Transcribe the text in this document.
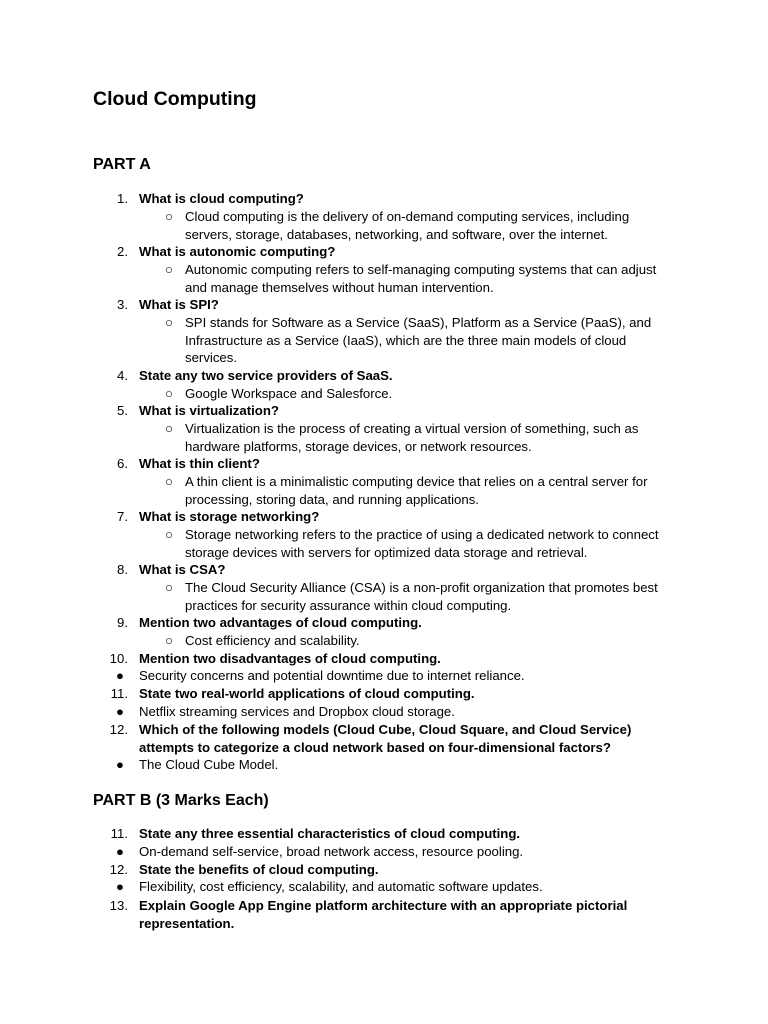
Cloud Computing
PART A
1. What is cloud computing?
○ Cloud computing is the delivery of on-demand computing services, including servers, storage, databases, networking, and software, over the internet.
2. What is autonomic computing?
○ Autonomic computing refers to self-managing computing systems that can adjust and manage themselves without human intervention.
3. What is SPI?
○ SPI stands for Software as a Service (SaaS), Platform as a Service (PaaS), and Infrastructure as a Service (IaaS), which are the three main models of cloud services.
4. State any two service providers of SaaS.
○ Google Workspace and Salesforce.
5. What is virtualization?
○ Virtualization is the process of creating a virtual version of something, such as hardware platforms, storage devices, or network resources.
6. What is thin client?
○ A thin client is a minimalistic computing device that relies on a central server for processing, storing data, and running applications.
7. What is storage networking?
○ Storage networking refers to the practice of using a dedicated network to connect storage devices with servers for optimized data storage and retrieval.
8. What is CSA?
○ The Cloud Security Alliance (CSA) is a non-profit organization that promotes best practices for security assurance within cloud computing.
9. Mention two advantages of cloud computing.
○ Cost efficiency and scalability.
10. Mention two disadvantages of cloud computing.
● Security concerns and potential downtime due to internet reliance.
11. State two real-world applications of cloud computing.
● Netflix streaming services and Dropbox cloud storage.
12. Which of the following models (Cloud Cube, Cloud Square, and Cloud Service) attempts to categorize a cloud network based on four-dimensional factors?
● The Cloud Cube Model.
PART B (3 Marks Each)
11. State any three essential characteristics of cloud computing.
● On-demand self-service, broad network access, resource pooling.
12. State the benefits of cloud computing.
● Flexibility, cost efficiency, scalability, and automatic software updates.
13. Explain Google App Engine platform architecture with an appropriate pictorial representation.
